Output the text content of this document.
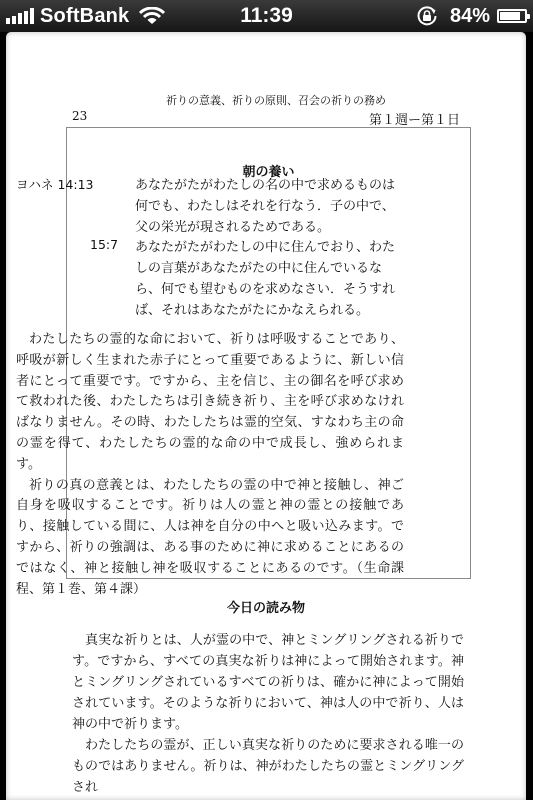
SoftBank	11:39	84%
祈りの意義、祈りの原則、召会の祈りの務め
23	第１週ー第１日
朝の養い
ヨハネ 14:13	あなたがたがわたしの名の中で求めるものは何でも、わたしはそれを行なう．子の中で、父の栄光が現されるためである。
15:7 あなたがたがわたしの中に住んでおり、わたしの言葉があなたがたの中に住んでいるなら、何でも望むものを求めなさい．そうすれば、それはあなたがたにかなえられる。

わたしたちの霊的な命において、祈りは呼吸することであり、呼吸が新しく生まれた赤子にとって重要であるように、新しい信者にとって重要です。ですから、主を信じ、主の御名を呼び求めて救われた後、わたしたちは引き続き祈り、主を呼び求めなければなりません。その時、わたしたちは霊的空気、すなわち主の命の霊を得て、わたしたちの霊的な命の中で成長し、強められます。

祈りの真の意義とは、わたしたちの霊の中で神と接触し、神ご自身を吸収することです。祈りは人の霊と神の霊との接触であり、接触している間に、人は神を自分の中へと吸い込みます。ですから、祈りの強調は、ある事のために神に求めることにあるのではなく、神と接触し神を吸収することにあるのです。（生命課程、第１巻、第４課）

今日の読み物

真実な祈りとは、人が霊の中で、神とミングリングされる祈りです。ですから、すべての真実な祈りは神によって開始されます。神とミングリングされているすべての祈りは、確かに神によって開始されています。そのような祈りにおいて、神は人の中で祈り、人は神の中で祈ります。

わたしたちの霊が、正しい真実な祈りのために要求される唯一のものではありません。祈りは、神がわたしたちの霊とミングリングされ
